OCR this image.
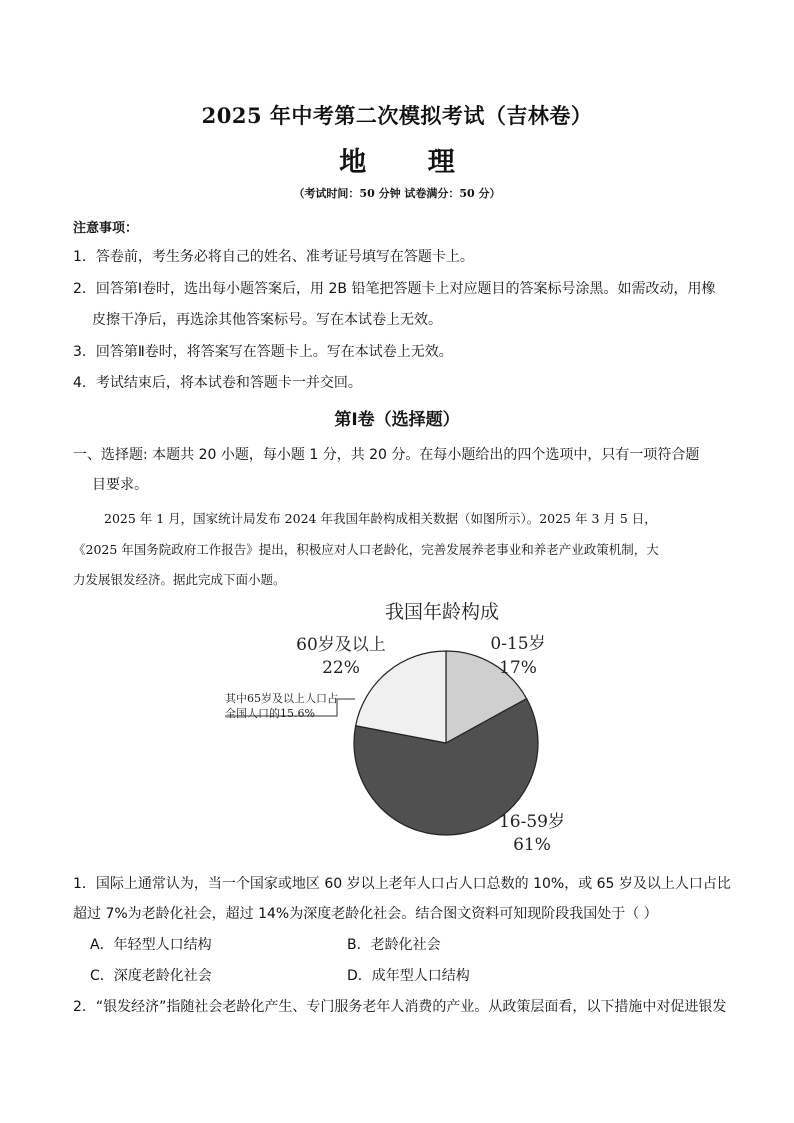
2025 年中考第二次模拟考试（吉林卷）
地 理
（考试时间：50 分钟 试卷满分：50 分）
注意事项：
1．答卷前，考生务必将自己的姓名、准考证号填写在答题卡上。
2．回答第Ⅰ卷时，选出每小题答案后，用 2B 铅笔把答题卡上对应题目的答案标号涂黑。如需改动，用橡
皮擦干净后，再选涂其他答案标号。写在本试卷上无效。
3．回答第Ⅱ卷时，将答案写在答题卡上。写在本试卷上无效。
4．考试结束后，将本试卷和答题卡一并交回。
第Ⅰ卷（选择题）
一、选择题: 本题共 20 小题，每小题 1 分，共 20 分。在每小题给出的四个选项中，只有一项符合题
目要求。
2025 年 1 月，国家统计局发布 2024 年我国年龄构成相关数据（如图所示）。2025 年 3 月 5 日，
《2025 年国务院政府工作报告》提出，积极应对人口老龄化，完善发展养老事业和养老产业政策机制，大
力发展银发经济。据此完成下面小题。
我国年龄构成
0-15岁
17%
16-59岁
61%
60岁及以上
22%
其中65岁及以上人口占
全国人口的15.6%
1．国际上通常认为，当一个国家或地区 60 岁以上老年人口占人口总数的 10%，或 65 岁及以上人口占比
超过 7%为老龄化社会，超过 14%为深度老龄化社会。结合图文资料可知现阶段我国处于（ ）
A．年轻型人口结构	B．老龄化社会
C．深度老龄化社会	D．成年型人口结构
2．“银发经济”指随社会老龄化产生、专门服务老年人消费的产业。从政策层面看，以下措施中对促进银发
